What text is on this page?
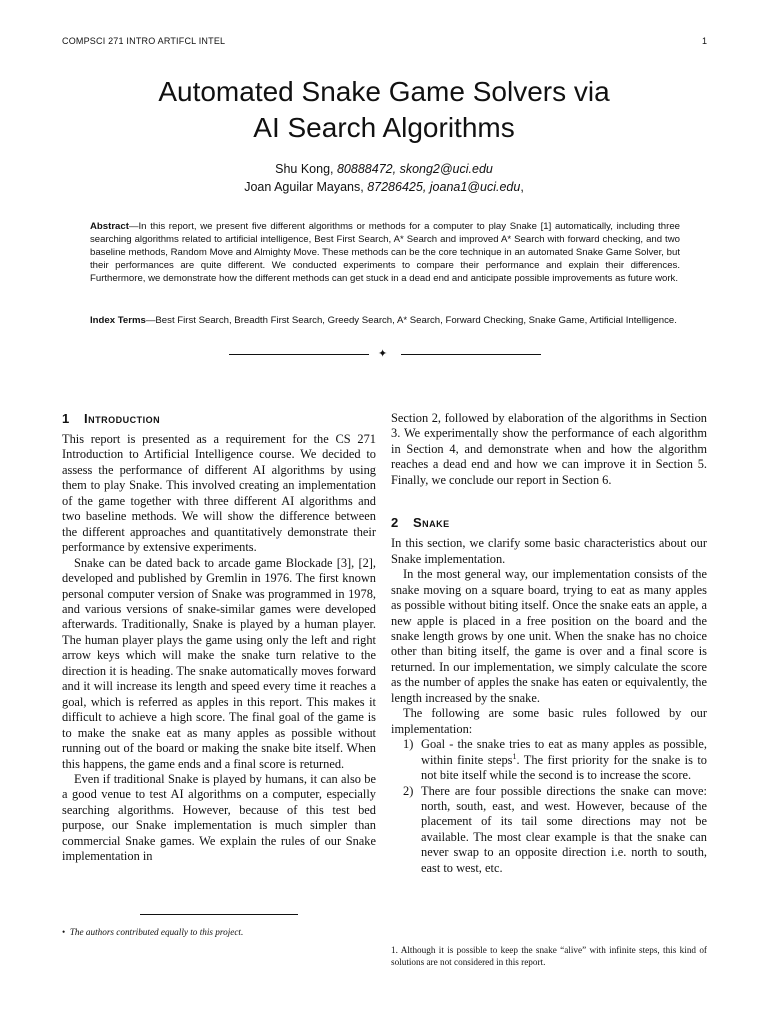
COMPSCI 271 INTRO ARTIFCL INTEL	1
Automated Snake Game Solvers via
AI Search Algorithms
Shu Kong, 80888472, skong2@uci.edu
Joan Aguilar Mayans, 87286425, joana1@uci.edu,
Abstract—In this report, we present five different algorithms or methods for a computer to play Snake [1] automatically, including three searching algorithms related to artificial intelligence, Best First Search, A* Search and improved A* Search with forward checking, and two baseline methods, Random Move and Almighty Move. These methods can be the core technique in an automated Snake Game Solver, but their performances are quite different. We conducted experiments to compare their performance and explain their differences. Furthermore, we demonstrate how the different methods can get stuck in a dead end and anticipate possible improvements as future work.
Index Terms—Best First Search, Breadth First Search, Greedy Search, A* Search, Forward Checking, Snake Game, Artificial Intelligence.
✦
1 Introduction

This report is presented as a requirement for the CS 271 Introduction to Artificial Intelligence course. We decided to assess the performance of different AI algorithms by using them to play Snake. This involved creating an implementation of the game together with three different AI algorithms and two baseline methods. We will show the difference between the different approaches and quantitatively demonstrate their performance by extensive experiments.

Snake can be dated back to arcade game Blockade [3], [2], developed and published by Gremlin in 1976. The first known personal computer version of Snake was programmed in 1978, and various versions of snake-similar games were developed afterwards. Traditionally, Snake is played by a human player. The human player plays the game using only the left and right arrow keys which will make the snake turn relative to the direction it is heading. The snake automatically moves forward and it will increase its length and speed every time it reaches a goal, which is referred as apples in this report. This makes it difficult to achieve a high score. The final goal of the game is to make the snake eat as many apples as possible without running out of the board or making the snake bite itself. When this happens, the game ends and a final score is returned.

Even if traditional Snake is played by humans, it can also be a good venue to test AI algorithms on a computer, especially searching algorithms. However, because of this test bed purpose, our Snake implementation is much simpler than commercial Snake games. We explain the rules of our Snake implementation in

•  The authors contributed equally to this project.

Section 2, followed by elaboration of the algorithms in Section 3. We experimentally show the performance of each algorithm in Section 4, and demonstrate when and how the algorithm reaches a dead end and how we can improve it in Section 5. Finally, we conclude our report in Section 6.

2 Snake

In this section, we clarify some basic characteristics about our Snake implementation.

In the most general way, our implementation consists of the snake moving on a square board, trying to eat as many apples as possible without biting itself. Once the snake eats an apple, a new apple is placed in a free position on the board and the snake length grows by one unit. When the snake has no choice other than biting itself, the game is over and a final score is returned. In our implementation, we simply calculate the score as the number of apples the snake has eaten or equivalently, the length increased by the snake.

The following are some basic rules followed by our implementation:

1) Goal - the snake tries to eat as many apples as possible, within finite steps$^1$. The first priority for the snake is to not bite itself while the second is to increase the score.
2) There are four possible directions the snake can move: north, south, east, and west. However, because of the placement of its tail some directions may not be available. The most clear example is that the snake can never swap to an opposite direction i.e. north to south, east to west, etc.
1. Although it is possible to keep the snake “alive” with infinite steps, this kind of solutions are not considered in this report.
